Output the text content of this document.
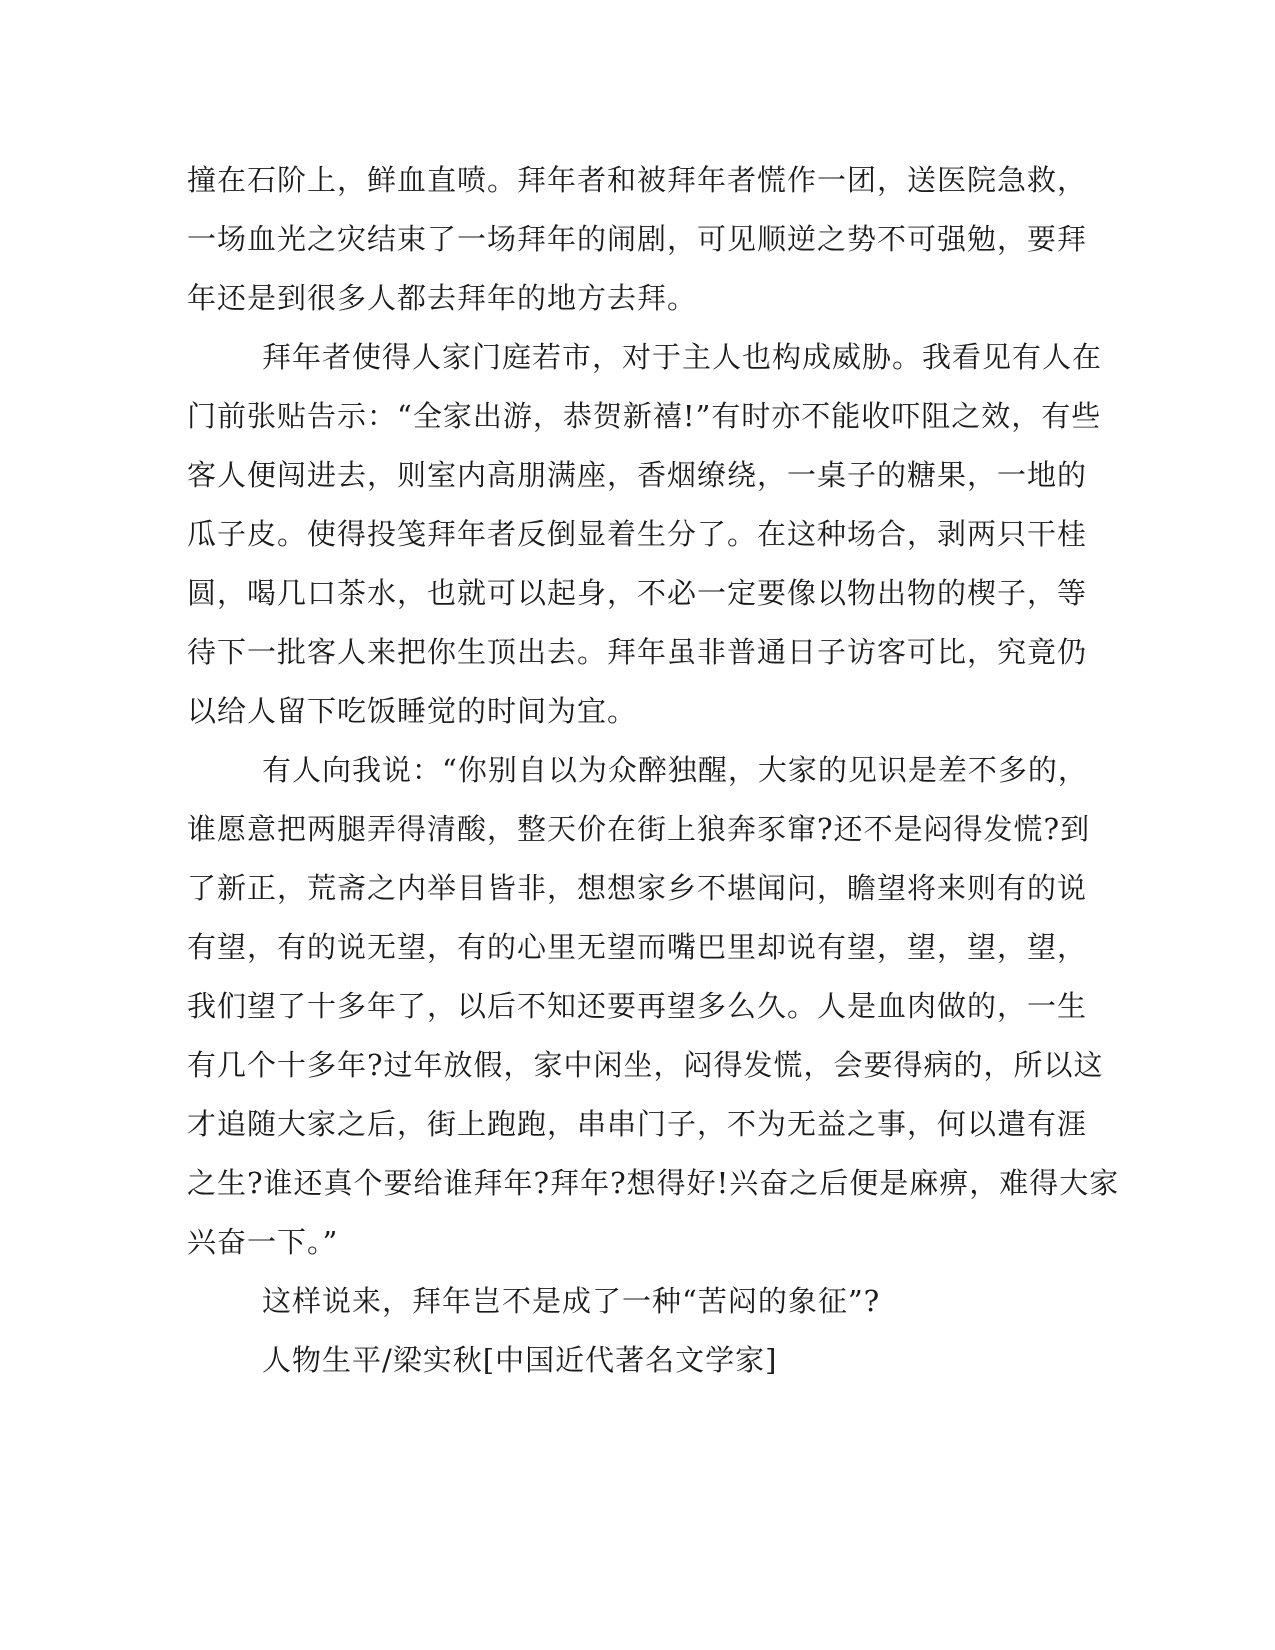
撞在石阶上，鲜血直喷。拜年者和被拜年者慌作一团，送医院急救，
一场血光之灾结束了一场拜年的闹剧，可见顺逆之势不可强勉，要拜
年还是到很多人都去拜年的地方去拜。
拜年者使得人家门庭若市，对于主人也构成威胁。我看见有人在
门前张贴告示：“全家出游，恭贺新禧!”有时亦不能收吓阻之效，有些
客人便闯进去，则室内高朋满座，香烟缭绕，一桌子的糖果，一地的
瓜子皮。使得投笺拜年者反倒显着生分了。在这种场合，剥两只干桂
圆，喝几口茶水，也就可以起身，不必一定要像以物出物的楔子，等
待下一批客人来把你生顶出去。拜年虽非普通日子访客可比，究竟仍
以给人留下吃饭睡觉的时间为宜。
有人向我说：“你别自以为众醉独醒，大家的见识是差不多的，
谁愿意把两腿弄得清酸，整天价在街上狼奔豕窜?还不是闷得发慌?到
了新正，荒斋之内举目皆非，想想家乡不堪闻问，瞻望将来则有的说
有望，有的说无望，有的心里无望而嘴巴里却说有望，望，望，望，
我们望了十多年了，以后不知还要再望多么久。人是血肉做的，一生
有几个十多年?过年放假，家中闲坐，闷得发慌，会要得病的，所以这
才追随大家之后，街上跑跑，串串门子，不为无益之事，何以遣有涯
之生?谁还真个要给谁拜年?拜年?想得好!兴奋之后便是麻痹，难得大家
兴奋一下。”
这样说来，拜年岂不是成了一种“苦闷的象征”?
人物生平/梁实秋[中国近代著名文学家]
